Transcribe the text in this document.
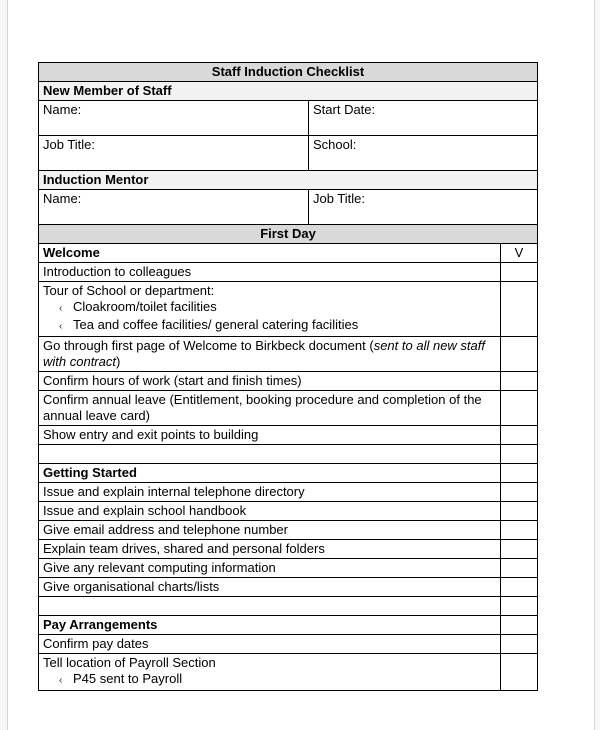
Staff Induction Checklist		
New Member of Staff		
Name:	Start Date:	
Job Title:	School:	
Induction Mentor		
Name:	Job Title:	
First Day		
Welcome		V
Introduction to colleagues		

Tour of School or department:
‹ Cloakroom/toilet facilities
‹ Tea and coffee facilities/ general catering facilities		

Go through first page of Welcome to Birkbeck document (sent to all new staff with contract)		
Confirm hours of work (start and finish times)		
Confirm annual leave (Entitlement, booking procedure and completion of the annual leave card)		
Show entry and exit points to building		

Getting Started		
Issue and explain internal telephone directory		
Issue and explain school handbook		
Give email address and telephone number		
Explain team drives, shared and personal folders		
Give any relevant computing information		
Give organisational charts/lists		

Pay Arrangements		
Confirm pay dates		

Tell location of Payroll Section
‹ P45 sent to Payroll		
